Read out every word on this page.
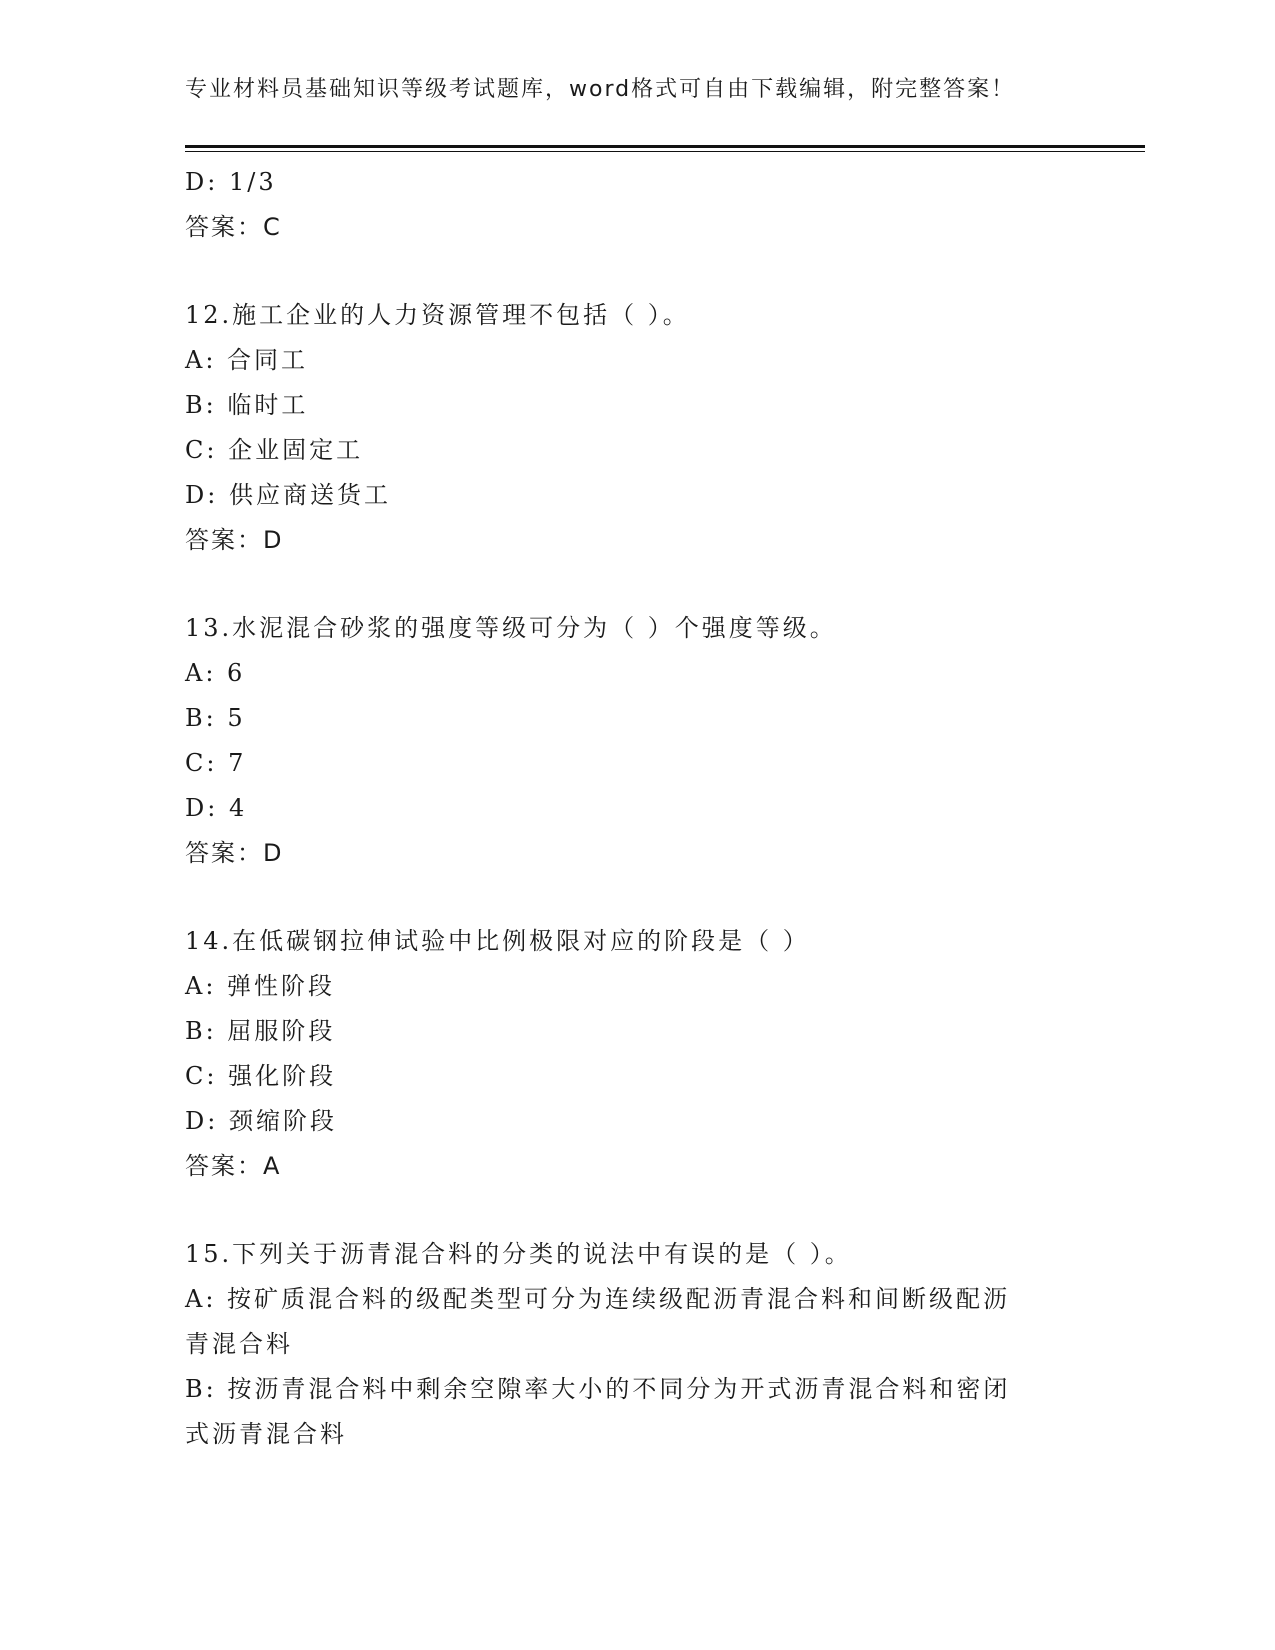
专业材料员基础知识等级考试题库，word格式可自由下载编辑，附完整答案！
D: 1/3
答案：C
12.施工企业的人力资源管理不包括（ ）。
A: 合同工
B: 临时工
C: 企业固定工
D: 供应商送货工
答案：D
13.水泥混合砂浆的强度等级可分为（ ）个强度等级。
A: 6
B: 5
C: 7
D: 4
答案：D
14.在低碳钢拉伸试验中比例极限对应的阶段是（ ）
A: 弹性阶段
B: 屈服阶段
C: 强化阶段
D: 颈缩阶段
答案：A
15.下列关于沥青混合料的分类的说法中有误的是（ ）。
A: 按矿质混合料的级配类型可分为连续级配沥青混合料和间断级配沥青混合料
B: 按沥青混合料中剩余空隙率大小的不同分为开式沥青混合料和密闭式沥青混合料
